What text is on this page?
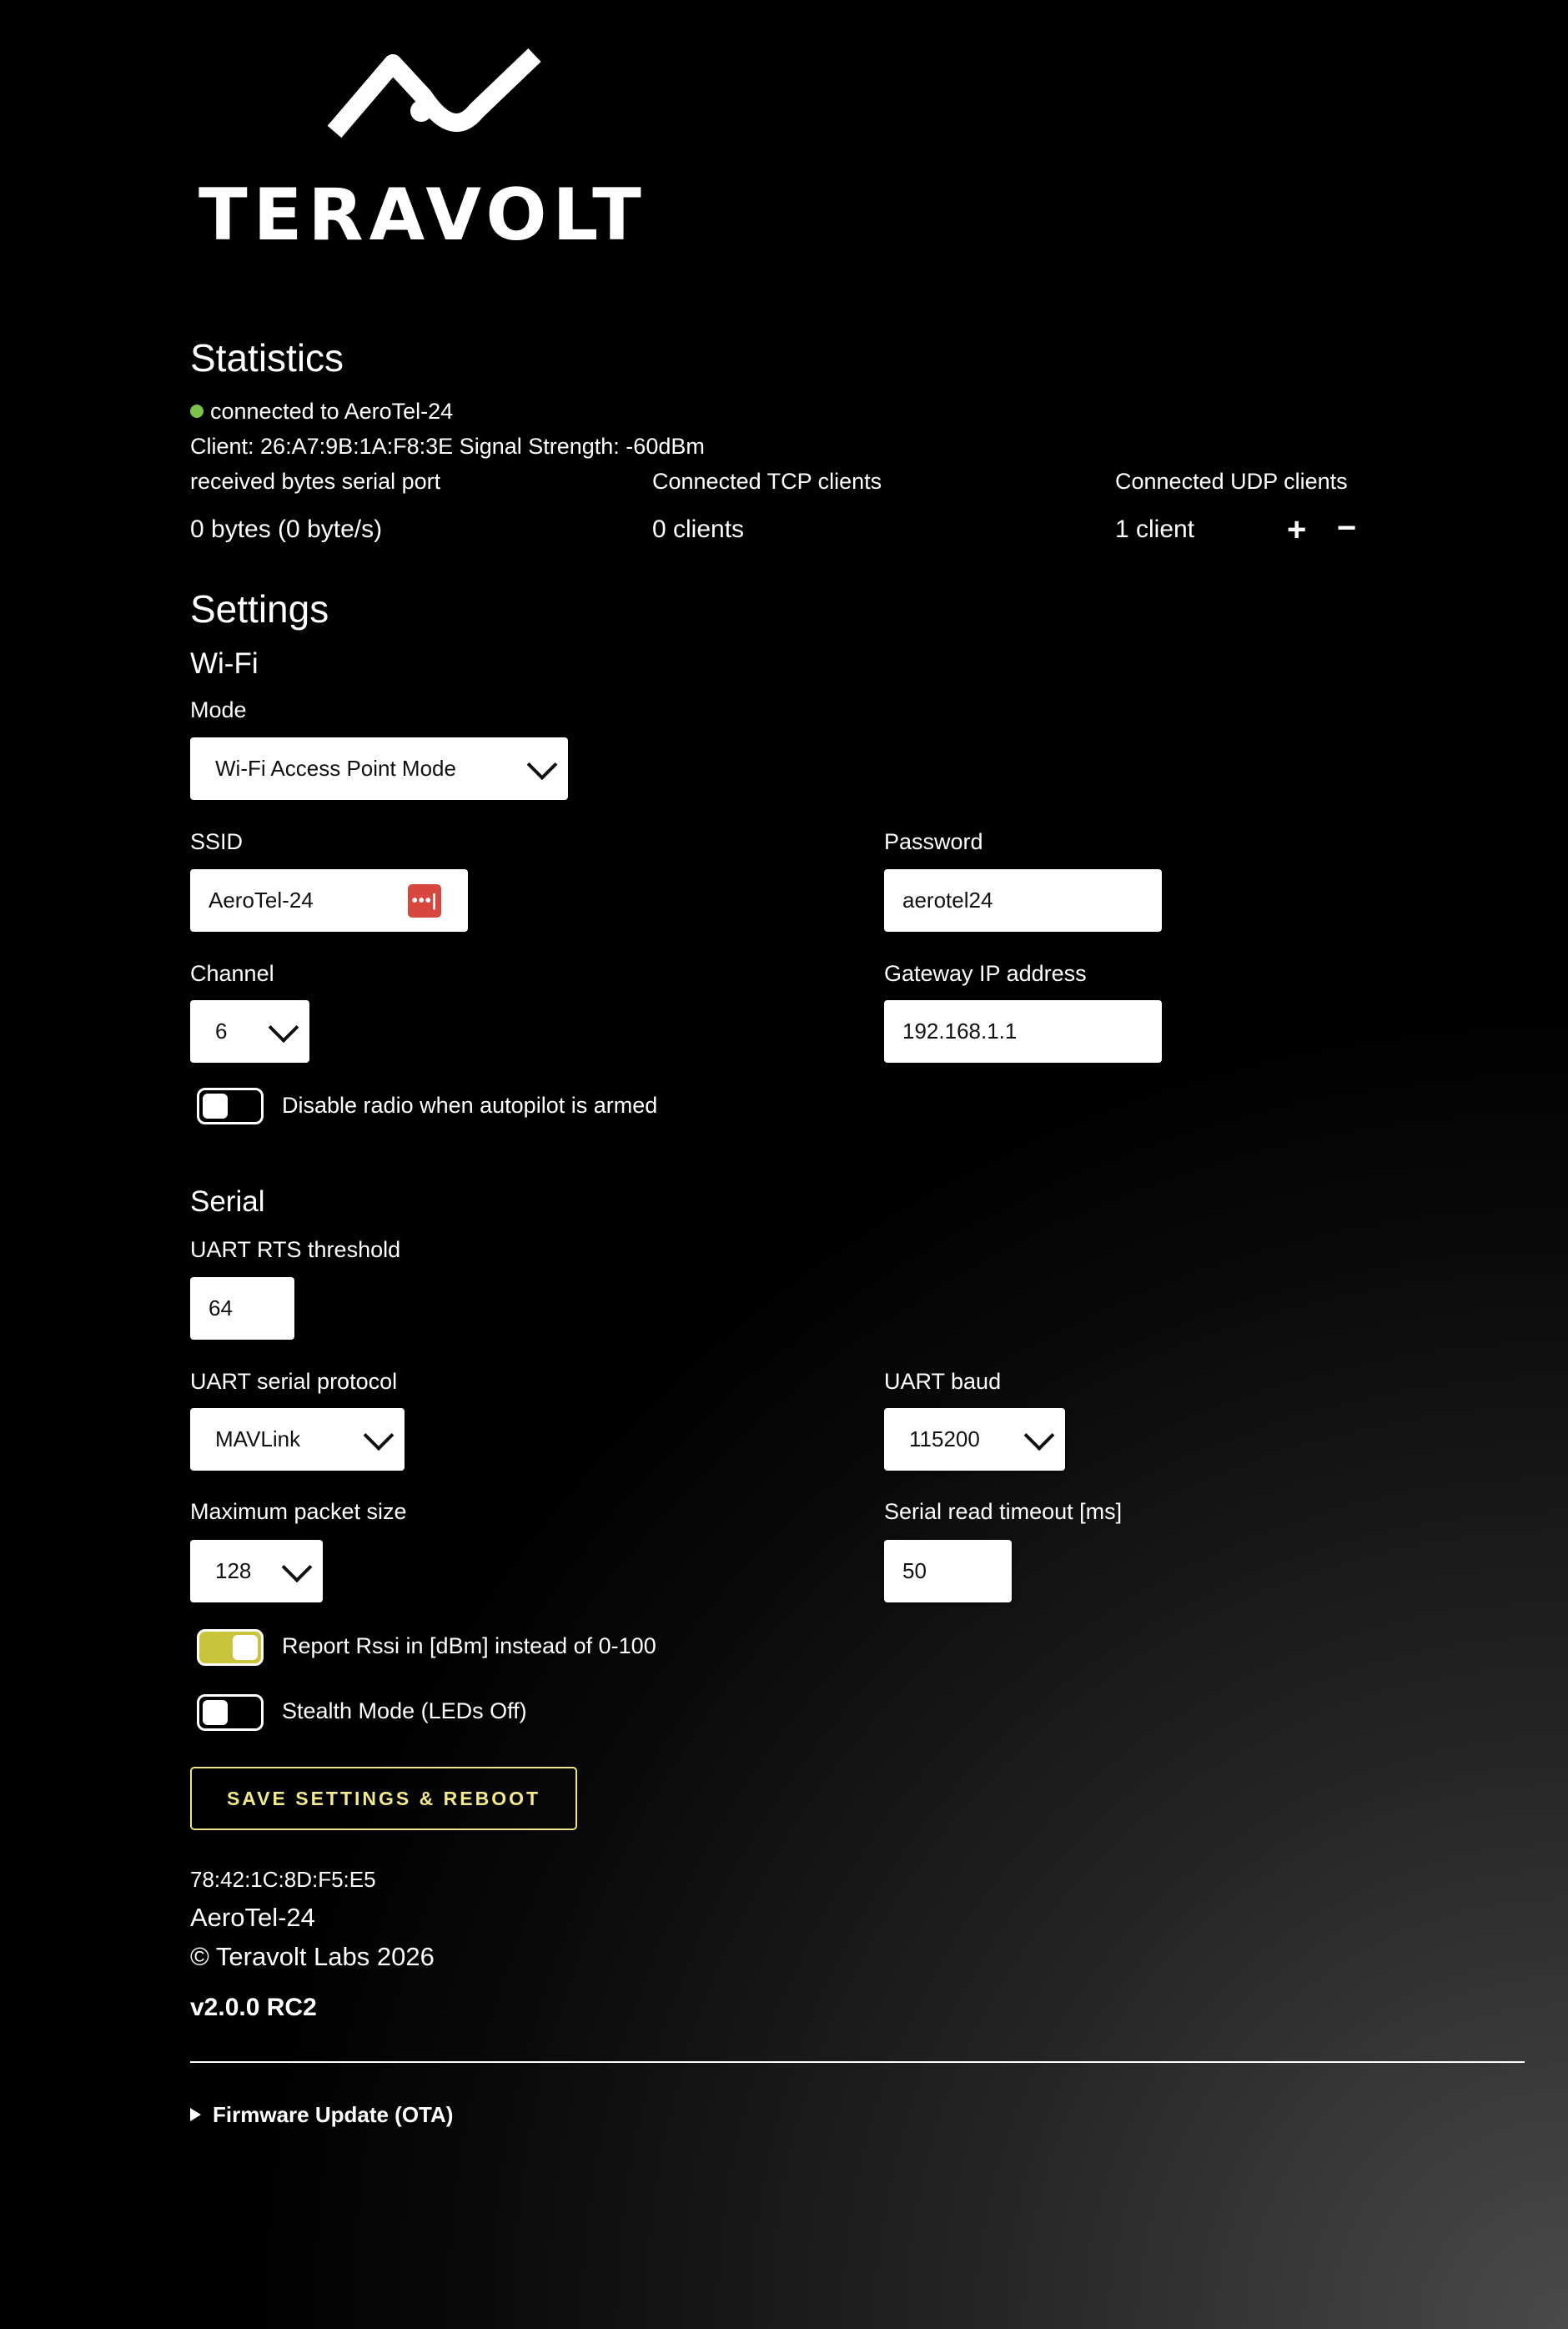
TERAVOLT
Statistics
connected to AeroTel-24
Client: 26:A7:9B:1A:F8:3E Signal Strength: -60dBm
received bytes serial port
0 bytes (0 byte/s)
Connected TCP clients
0 clients
Connected UDP clients
1 client	+ −
Settings
Wi-Fi
Mode
Wi-Fi Access Point Mode
SSID
AeroTel-24	•••|
Password
aerotel24
Channel
6
Gateway IP address
192.168.1.1
Disable radio when autopilot is armed
Serial
UART RTS threshold
64
UART serial protocol
MAVLink
UART baud
115200
Maximum packet size
128
Serial read timeout [ms]
50
Report Rssi in [dBm] instead of 0-100
Stealth Mode (LEDs Off)
SAVE SETTINGS & REBOOT
78:42:1C:8D:F5:E5
AeroTel-24
© Teravolt Labs 2026
v2.0.0 RC2
Firmware Update (OTA)
